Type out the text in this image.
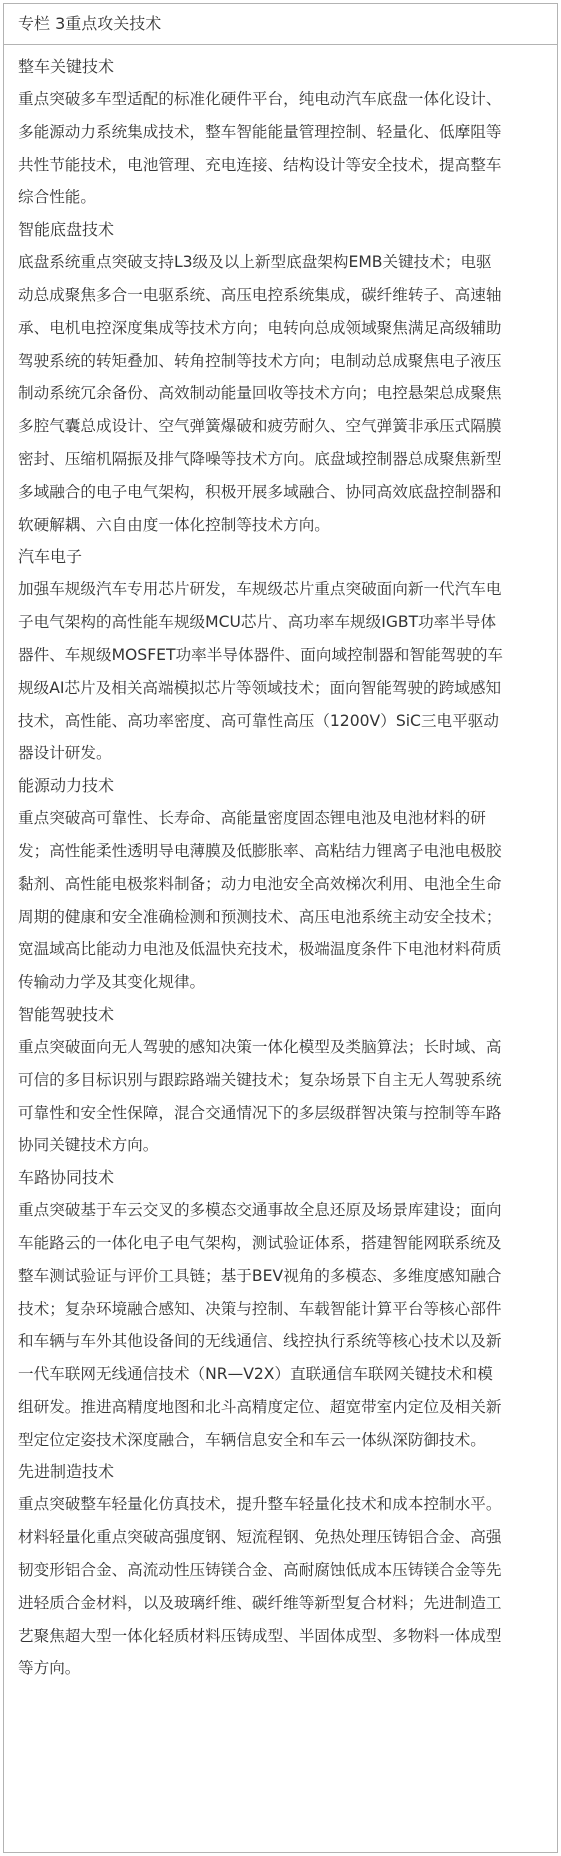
专栏 3重点攻关技术
整车关键技术
重点突破多车型适配的标准化硬件平台，纯电动汽车底盘一体化设计、
多能源动力系统集成技术，整车智能能量管理控制、轻量化、低摩阻等
共性节能技术，电池管理、充电连接、结构设计等安全技术，提高整车
综合性能。
智能底盘技术
底盘系统重点突破支持L3级及以上新型底盘架构EMB关键技术；电驱
动总成聚焦多合一电驱系统、高压电控系统集成，碳纤维转子、高速轴
承、电机电控深度集成等技术方向；电转向总成领域聚焦满足高级辅助
驾驶系统的转矩叠加、转角控制等技术方向；电制动总成聚焦电子液压
制动系统冗余备份、高效制动能量回收等技术方向；电控悬架总成聚焦
多腔气囊总成设计、空气弹簧爆破和疲劳耐久、空气弹簧非承压式隔膜
密封、压缩机隔振及排气降噪等技术方向。底盘域控制器总成聚焦新型
多域融合的电子电气架构，积极开展多域融合、协同高效底盘控制器和
软硬解耦、六自由度一体化控制等技术方向。
汽车电子
加强车规级汽车专用芯片研发，车规级芯片重点突破面向新一代汽车电
子电气架构的高性能车规级MCU芯片、高功率车规级IGBT功率半导体
器件、车规级MOSFET功率半导体器件、面向域控制器和智能驾驶的车
规级AI芯片及相关高端模拟芯片等领域技术；面向智能驾驶的跨域感知
技术，高性能、高功率密度、高可靠性高压（1200V）SiC三电平驱动
器设计研发。
能源动力技术
重点突破高可靠性、长寿命、高能量密度固态锂电池及电池材料的研
发；高性能柔性透明导电薄膜及低膨胀率、高粘结力锂离子电池电极胶
黏剂、高性能电极浆料制备；动力电池安全高效梯次利用、电池全生命
周期的健康和安全准确检测和预测技术、高压电池系统主动安全技术；
宽温域高比能动力电池及低温快充技术，极端温度条件下电池材料荷质
传输动力学及其变化规律。
智能驾驶技术
重点突破面向无人驾驶的感知决策一体化模型及类脑算法；长时域、高
可信的多目标识别与跟踪路端关键技术；复杂场景下自主无人驾驶系统
可靠性和安全性保障，混合交通情况下的多层级群智决策与控制等车路
协同关键技术方向。
车路协同技术
重点突破基于车云交叉的多模态交通事故全息还原及场景库建设；面向
车能路云的一体化电子电气架构，测试验证体系，搭建智能网联系统及
整车测试验证与评价工具链；基于BEV视角的多模态、多维度感知融合
技术；复杂环境融合感知、决策与控制、车载智能计算平台等核心部件
和车辆与车外其他设备间的无线通信、线控执行系统等核心技术以及新
一代车联网无线通信技术（NR—V2X）直联通信车联网关键技术和模
组研发。推进高精度地图和北斗高精度定位、超宽带室内定位及相关新
型定位定姿技术深度融合，车辆信息安全和车云一体纵深防御技术。
先进制造技术
重点突破整车轻量化仿真技术，提升整车轻量化技术和成本控制水平。
材料轻量化重点突破高强度钢、短流程钢、免热处理压铸铝合金、高强
韧变形铝合金、高流动性压铸镁合金、高耐腐蚀低成本压铸镁合金等先
进轻质合金材料，以及玻璃纤维、碳纤维等新型复合材料；先进制造工
艺聚焦超大型一体化轻质材料压铸成型、半固体成型、多物料一体成型
等方向。
